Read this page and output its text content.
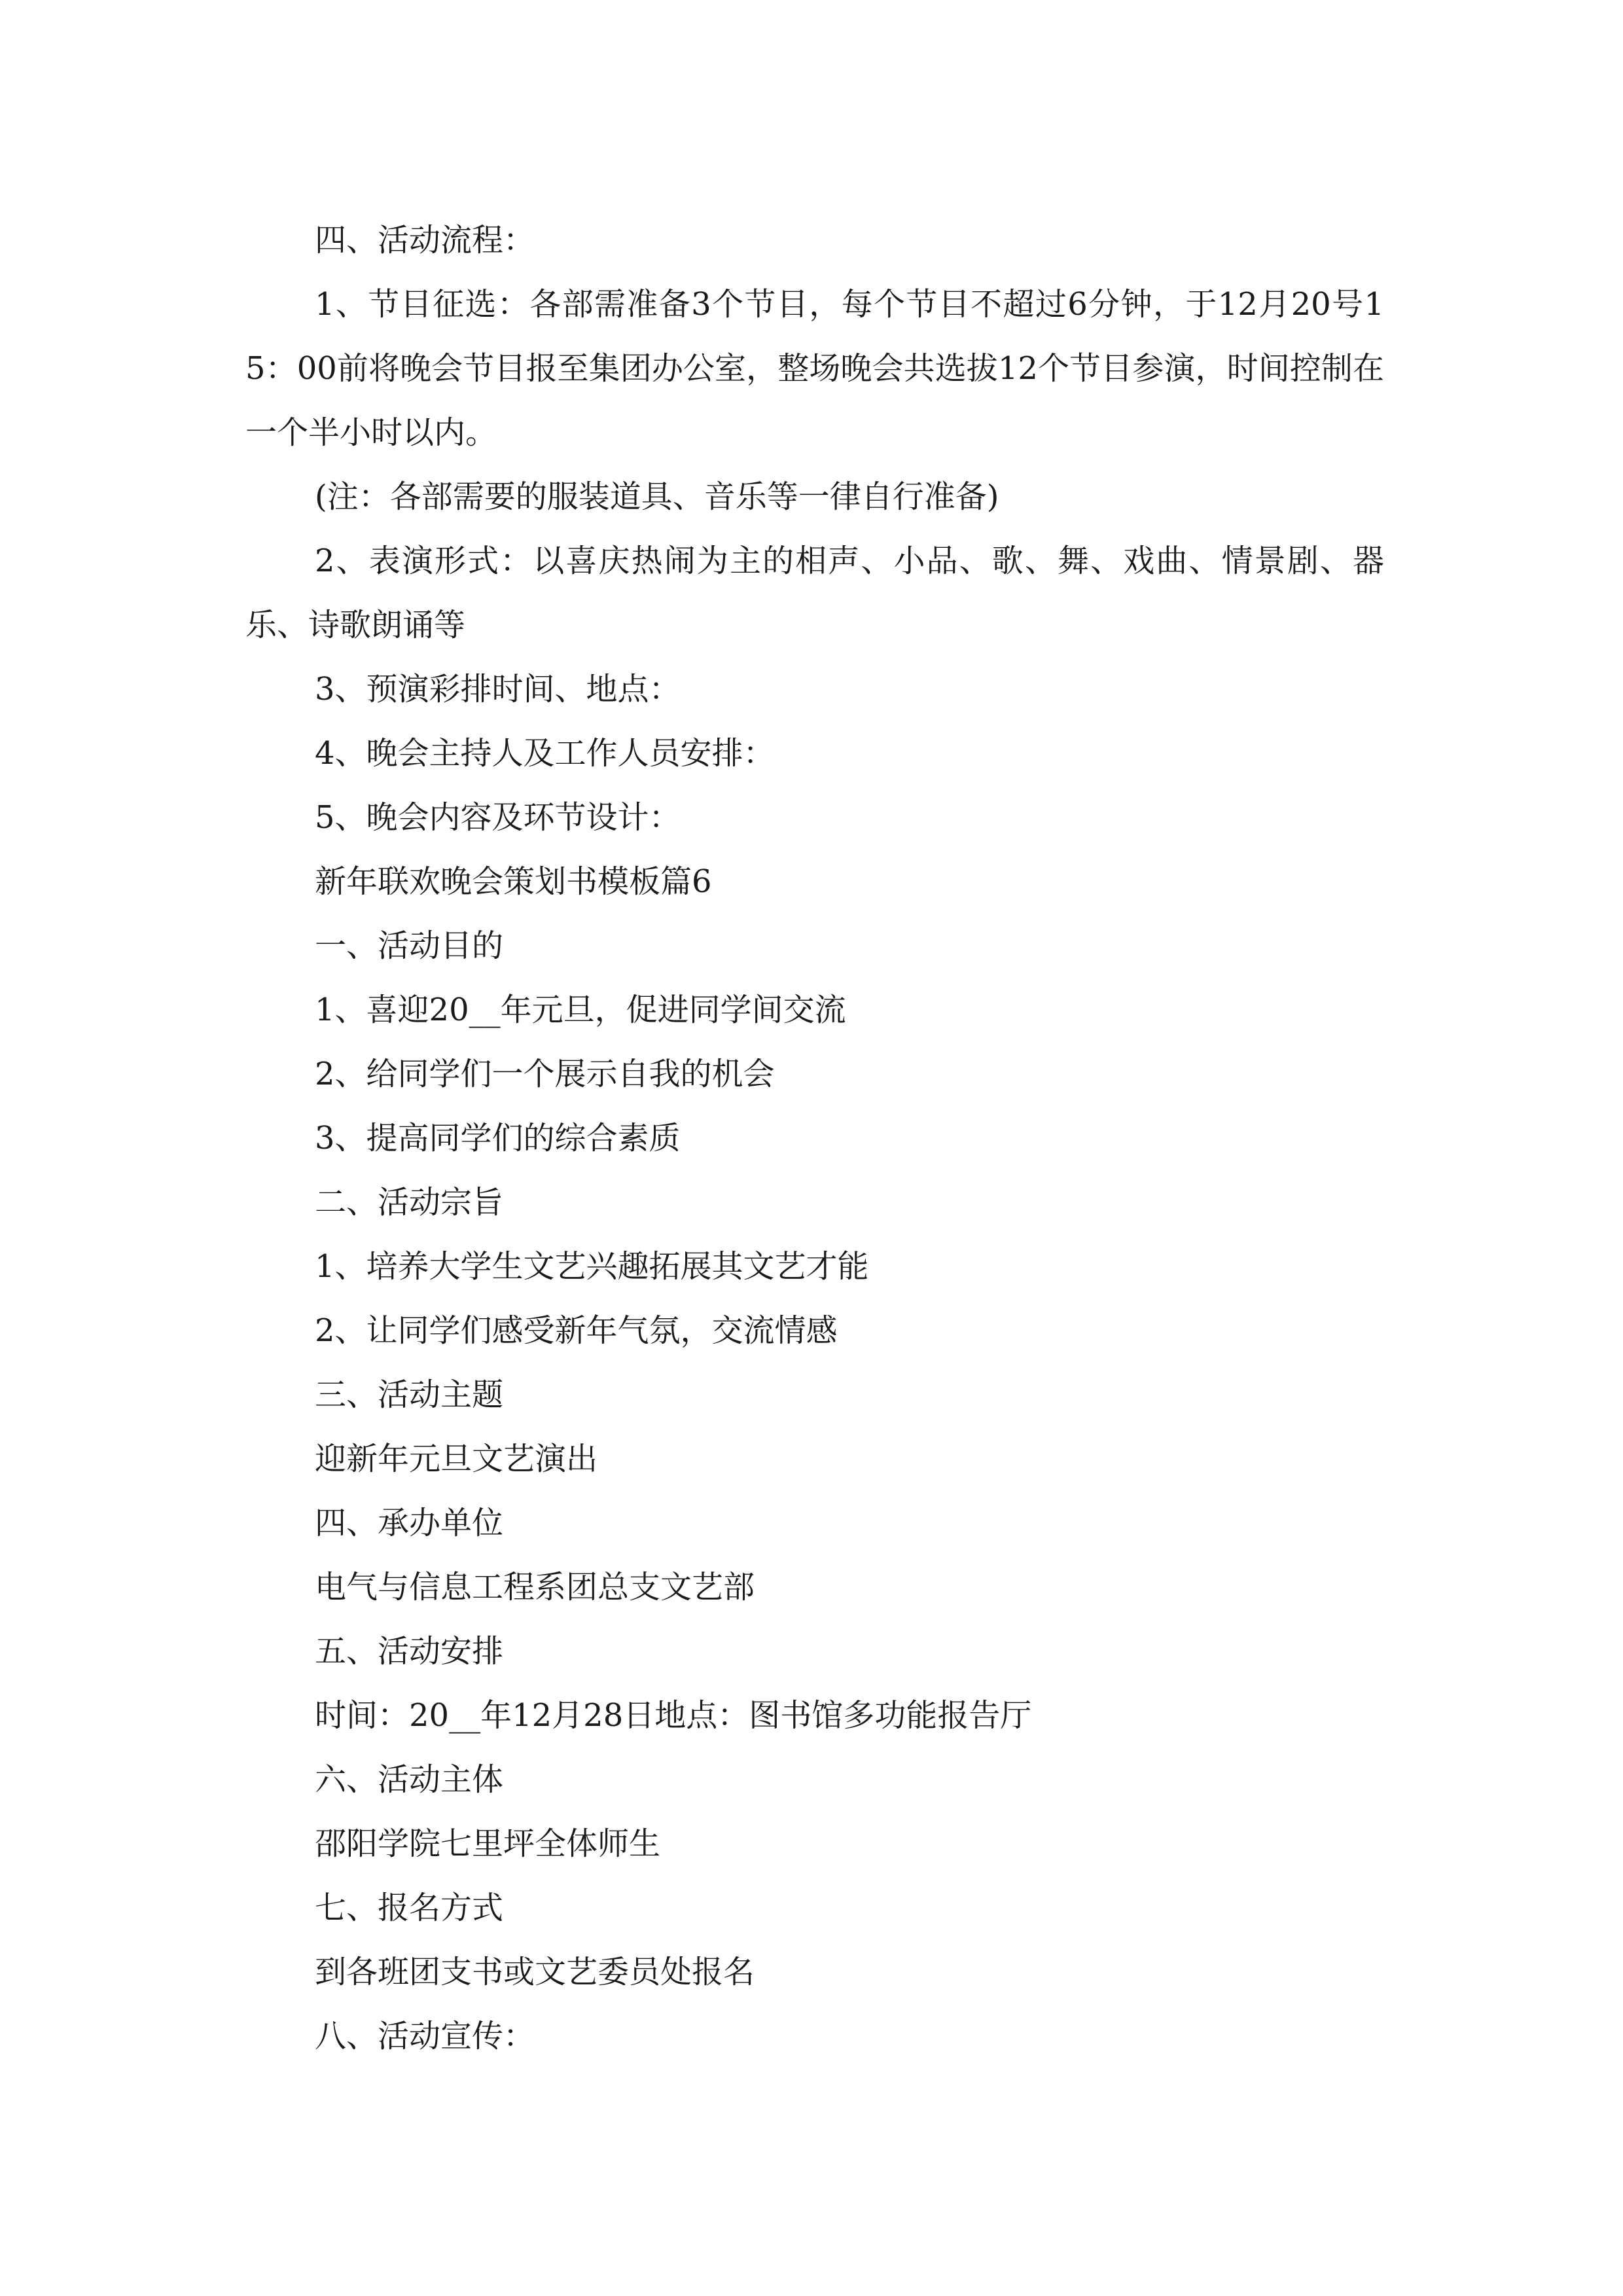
四、活动流程：

1、节目征选：各部需准备3个节目，每个节目不超过6分钟，于12月20号15：00前将晚会节目报至集团办公室，整场晚会共选拔12个节目参演，时间控制在一个半小时以内。

(注：各部需要的服装道具、音乐等一律自行准备)

2、表演形式：以喜庆热闹为主的相声、小品、歌、舞、戏曲、情景剧、器乐、诗歌朗诵等

3、预演彩排时间、地点：

4、晚会主持人及工作人员安排：

5、晚会内容及环节设计：

新年联欢晚会策划书模板篇6

一、活动目的

1、喜迎20__年元旦，促进同学间交流

2、给同学们一个展示自我的机会

3、提高同学们的综合素质

二、活动宗旨

1、培养大学生文艺兴趣拓展其文艺才能

2、让同学们感受新年气氛，交流情感

三、活动主题

迎新年元旦文艺演出

四、承办单位

电气与信息工程系团总支文艺部

五、活动安排

时间：20__年12月28日地点：图书馆多功能报告厅

六、活动主体

邵阳学院七里坪全体师生

七、报名方式

到各班团支书或文艺委员处报名

八、活动宣传：
